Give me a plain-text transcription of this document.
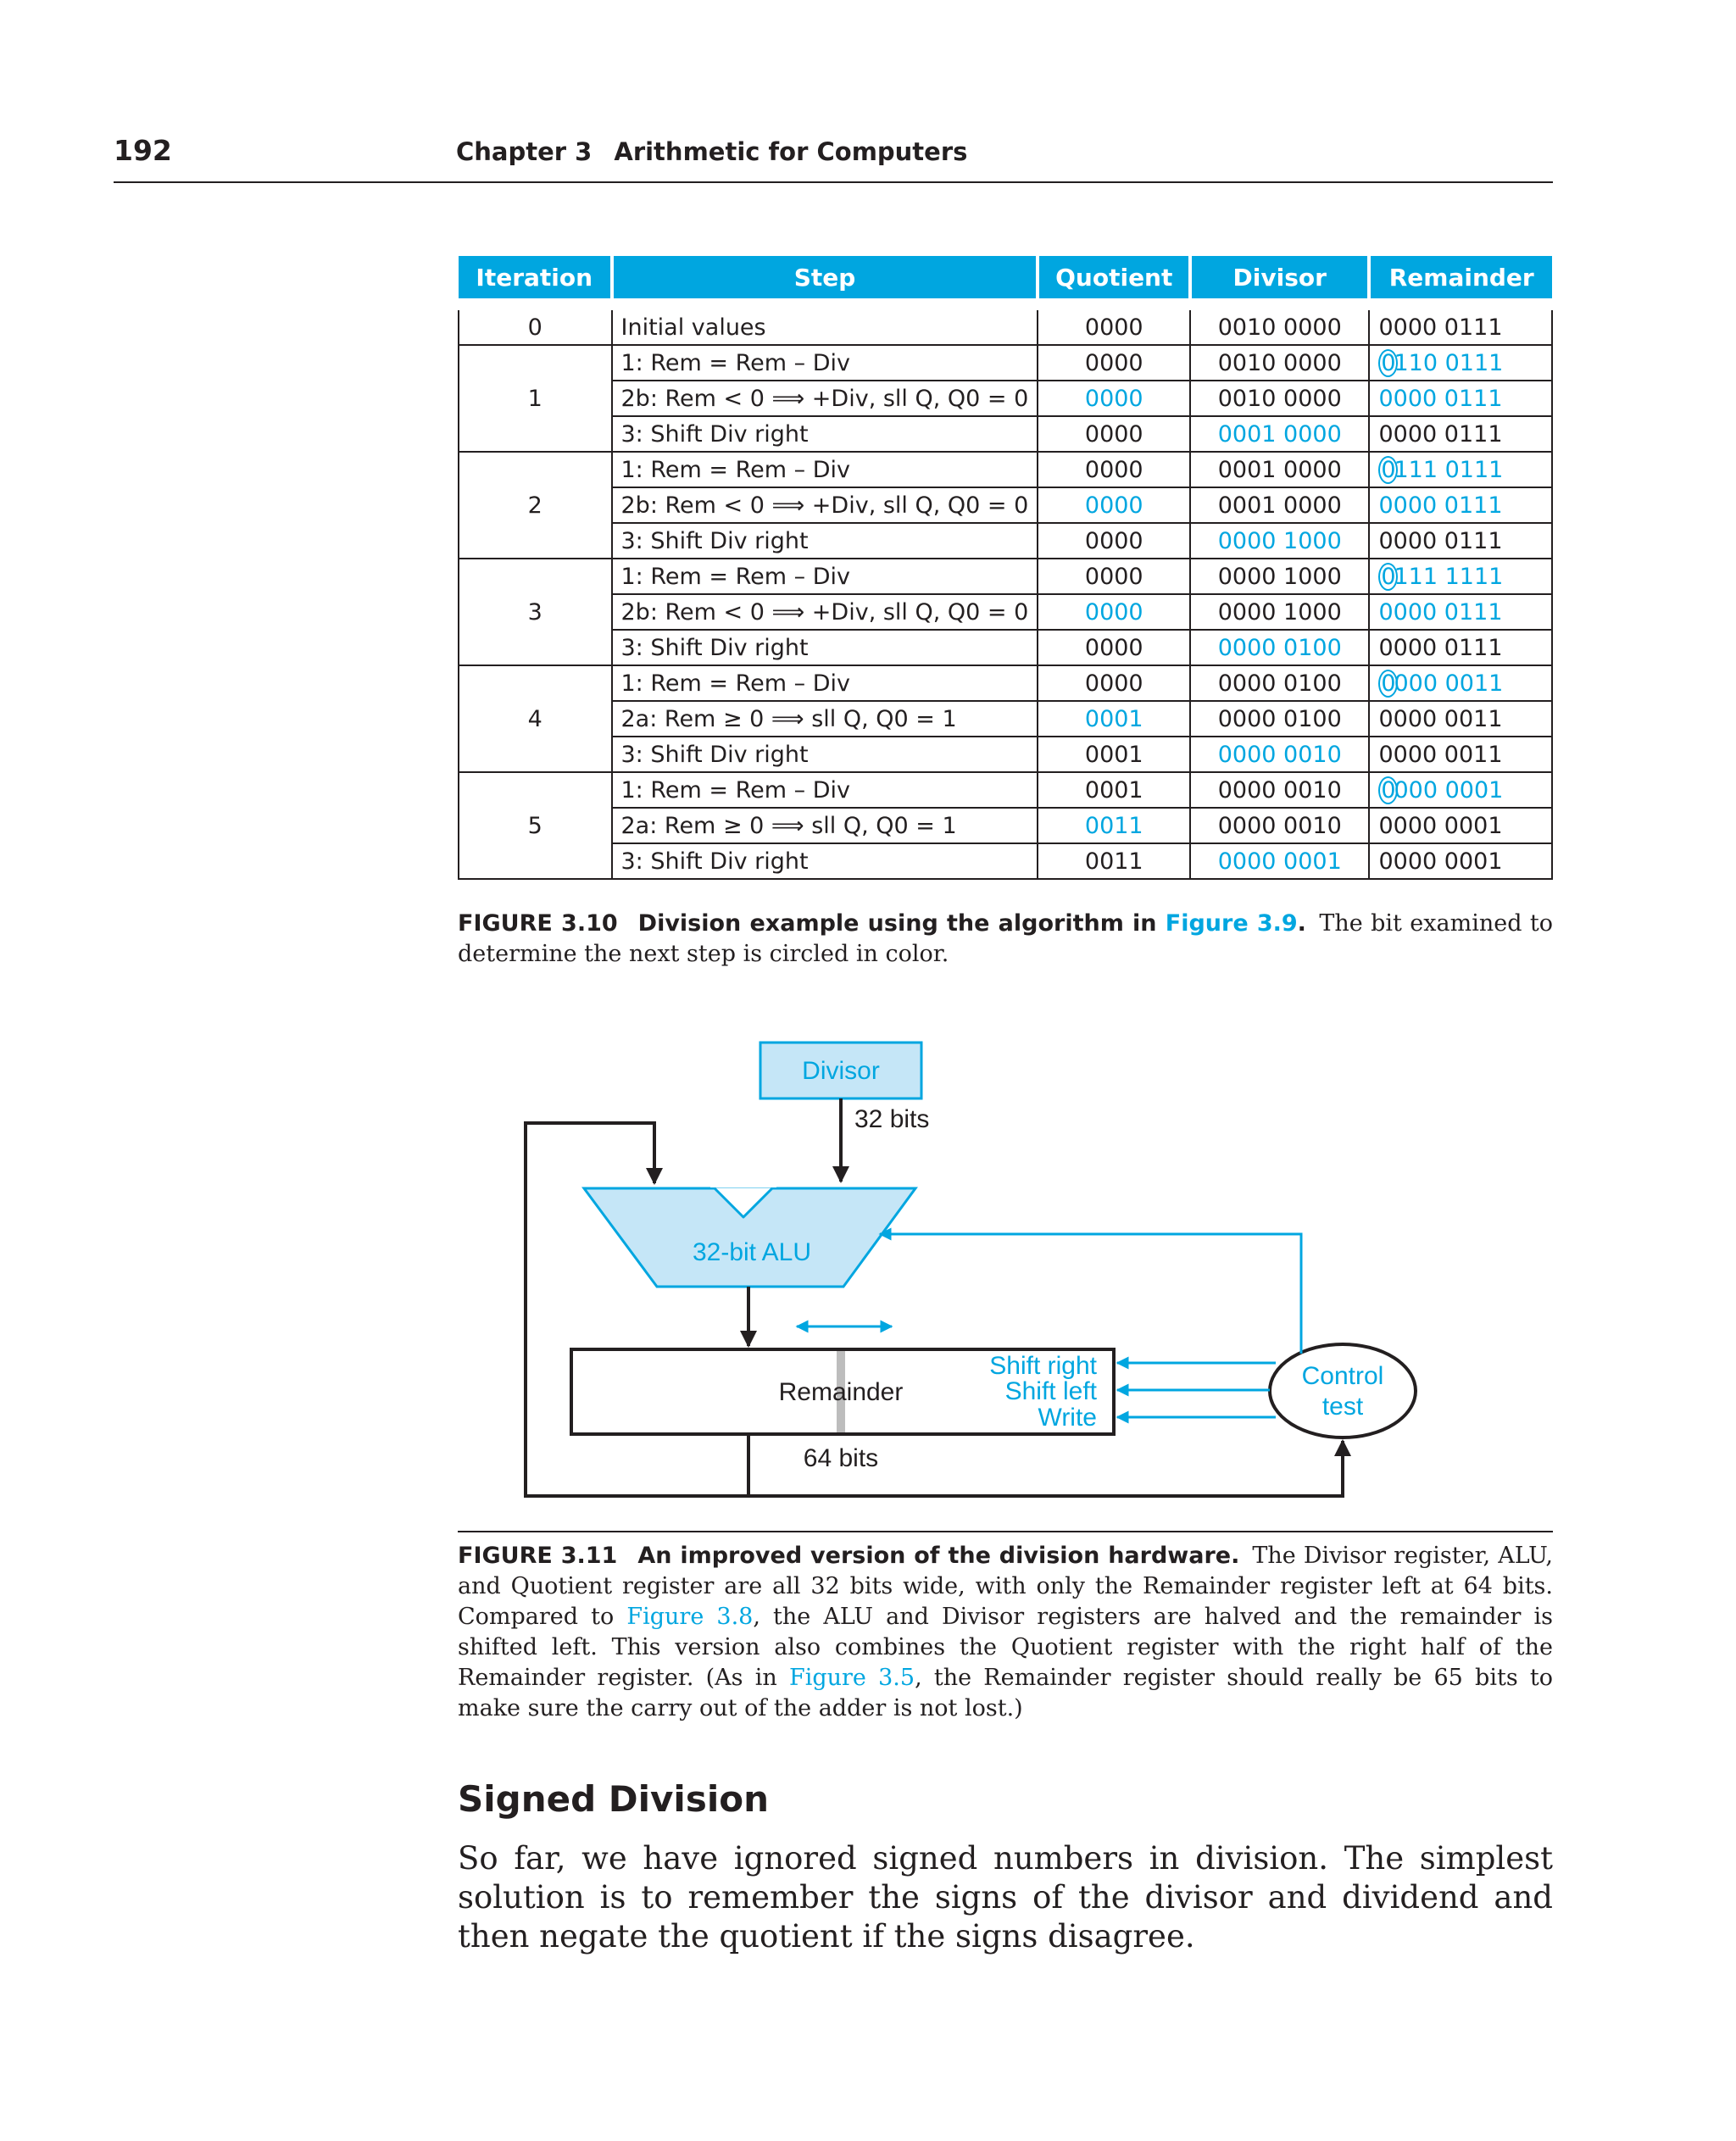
192	Chapter 3 Arithmetic for Computers
Iteration	Step	Quotient	Divisor	Remainder
0	Initial values	0000	0010 0000	0000 0111
1	1: Rem = Rem – Div	0000	0010 0000	0110 0111
	2b: Rem < 0 ⟹ +Div, sll Q, Q0 = 0	0000	0010 0000	0000 0111
	3: Shift Div right	0000	0001 0000	0000 0111
2	1: Rem = Rem – Div	0000	0001 0000	0111 0111
	2b: Rem < 0 ⟹ +Div, sll Q, Q0 = 0	0000	0001 0000	0000 0111
	3: Shift Div right	0000	0000 1000	0000 0111
3	1: Rem = Rem – Div	0000	0000 1000	0111 1111
	2b: Rem < 0 ⟹ +Div, sll Q, Q0 = 0	0000	0000 1000	0000 0111
	3: Shift Div right	0000	0000 0100	0000 0111
4	1: Rem = Rem – Div	0000	0000 0100	0000 0011
	2a: Rem ≥ 0 ⟹ sll Q, Q0 = 1	0001	0000 0100	0000 0011
	3: Shift Div right	0001	0000 0010	0000 0011
5	1: Rem = Rem – Div	0001	0000 0010	0000 0001
	2a: Rem ≥ 0 ⟹ sll Q, Q0 = 1	0011	0000 0010	0000 0001
	3: Shift Div right	0011	0000 0001	0000 0001
FIGURE 3.10 Division example using the algorithm in Figure 3.9. The bit examined to determine the next step is circled in color.
Divisor
32 bits
32-bit ALU
Remainder
Shift right
Shift left
Write
64 bits
Control
test
FIGURE 3.11 An improved version of the division hardware. The Divisor register, ALU, and Quotient register are all 32 bits wide, with only the Remainder register left at 64 bits. Compared to Figure 3.8, the ALU and Divisor registers are halved and the remainder is shifted left. This version also combines the Quotient register with the right half of the Remainder register. (As in Figure 3.5, the Remainder register should really be 65 bits to make sure the carry out of the adder is not lost.)
Signed Division
So far, we have ignored signed numbers in division. The simplest solution is to remember the signs of the divisor and dividend and then negate the quotient if the signs disagree.
